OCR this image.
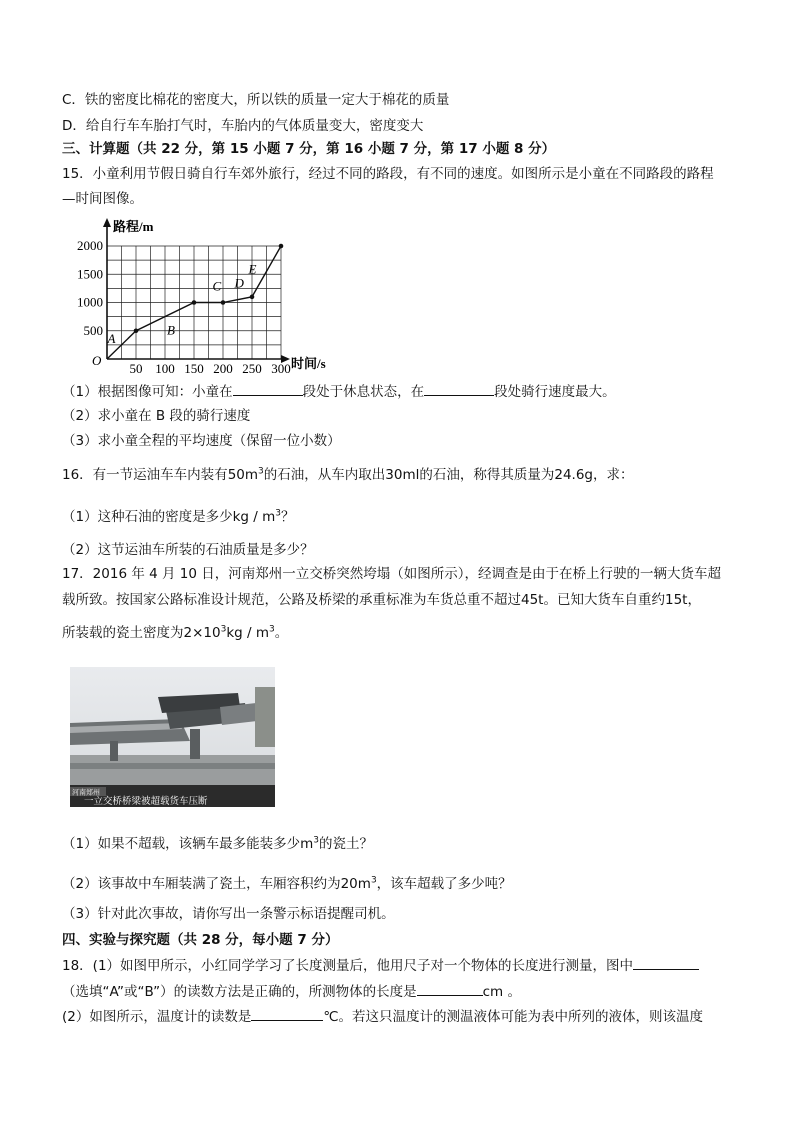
C．铁的密度比棉花的密度大，所以铁的质量一定大于棉花的质量
D．给自行车车胎打气时，车胎内的气体质量变大，密度变大
三、计算题（共 22 分，第 15 小题 7 分，第 16 小题 7 分，第 17 小题 8 分）
15．小童利用节假日骑自行车郊外旅行，经过不同的路段，有不同的速度。如图所示是小童在不同路段的路程
—时间图像。
路程/m
时间/s
O
50 100 150 200 250 300
500
1000
1500
2000
A
B
C D
E
（1）根据图像可知：小童在	段处于休息状态，在	段处骑行速度最大。
（2）求小童在 B 段的骑行速度
（3）求小童全程的平均速度（保留一位小数）
16．有一节运油车车内装有$50m^3$的石油，从车内取出30ml的石油，称得其质量为24.6g，求：
（1）这种石油的密度是多少kg / $m^3$？
（2）这节运油车所装的石油质量是多少？
17．2016 年 4 月 10 日，河南郑州一立交桥突然垮塌（如图所示），经调查是由于在桥上行驶的一辆大货车超
载所致。按国家公路标准设计规范，公路及桥梁的承重标准为车货总重不超过45t。已知大货车自重约15t，
所装载的瓷土密度为$2\times 10^3kg / m^3$。
河南郑州
一立交桥桥梁被超载货车压断
（1）如果不超载，该辆车最多能装多少$m^3$的瓷土？
（2）该事故中车厢装满了瓷土，车厢容积约为$20m^3$，该车超载了多少吨？
（3）针对此次事故，请你写出一条警示标语提醒司机。
四、实验与探究题（共 28 分，每小题 7 分）
18．(1）如图甲所示，小红同学学习了长度测量后，他用尺子对一个物体的长度进行测量，图中
（选填“A”或“B”）的读数方法是正确的，所测物体的长度是	cm 。
(2）如图所示，温度计的读数是	℃。若这只温度计的测温液体可能为表中所列的液体，则该温度
